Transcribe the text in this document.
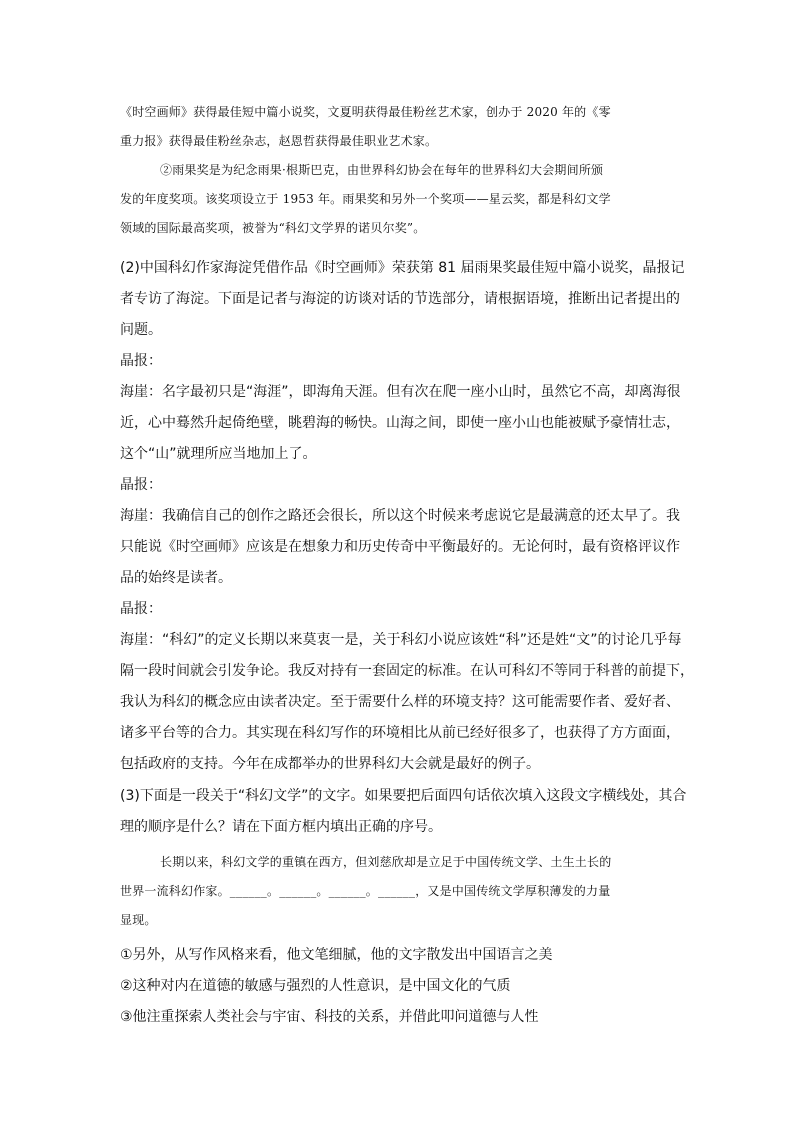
《时空画师》获得最佳短中篇小说奖，文夏明获得最佳粉丝艺术家，创办于 2020 年的《零
重力报》获得最佳粉丝杂志，赵恩哲获得最佳职业艺术家。
②雨果奖是为纪念雨果·根斯巴克，由世界科幻协会在每年的世界科幻大会期间所颁
发的年度奖项。该奖项设立于 1953 年。雨果奖和另外一个奖项——星云奖，都是科幻文学
领域的国际最高奖项，被誉为“科幻文学界的诺贝尔奖”。
(2)中国科幻作家海淀凭借作品《时空画师》荣获第 81 届雨果奖最佳短中篇小说奖，晶报记
者专访了海淀。下面是记者与海淀的访谈对话的节选部分，请根据语境，推断出记者提出的
问题。
晶报：
海崖：名字最初只是“海涯”，即海角天涯。但有次在爬一座小山时，虽然它不高，却离海很
近，心中蓦然升起倚绝壁，眺碧海的畅快。山海之间，即使一座小山也能被赋予豪情壮志，
这个“山”就理所应当地加上了。
晶报：
海崖：我确信自己的创作之路还会很长，所以这个时候来考虑说它是最满意的还太早了。我
只能说《时空画师》应该是在想象力和历史传奇中平衡最好的。无论何时，最有资格评议作
品的始终是读者。
晶报：
海崖：“科幻”的定义长期以来莫衷一是，关于科幻小说应该姓“科”还是姓“文”的讨论几乎每
隔一段时间就会引发争论。我反对持有一套固定的标准。在认可科幻不等同于科普的前提下，
我认为科幻的概念应由读者决定。至于需要什么样的环境支持？这可能需要作者、爱好者、
诸多平台等的合力。其实现在科幻写作的环境相比从前已经好很多了，也获得了方方面面，
包括政府的支持。今年在成都举办的世界科幻大会就是最好的例子。
(3)下面是一段关于“科幻文学”的文字。如果要把后面四句话依次填入这段文字横线处，其合
理的顺序是什么？请在下面方框内填出正确的序号。
长期以来，科幻文学的重镇在西方，但刘慈欣却是立足于中国传统文学、土生土长的
世界一流科幻作家。______。______。______。______，又是中国传统文学厚积薄发的力量
显现。
①另外，从写作风格来看，他文笔细腻，他的文字散发出中国语言之美
②这种对内在道德的敏感与强烈的人性意识，是中国文化的气质
③他注重探索人类社会与宇宙、科技的关系，并借此叩问道德与人性
